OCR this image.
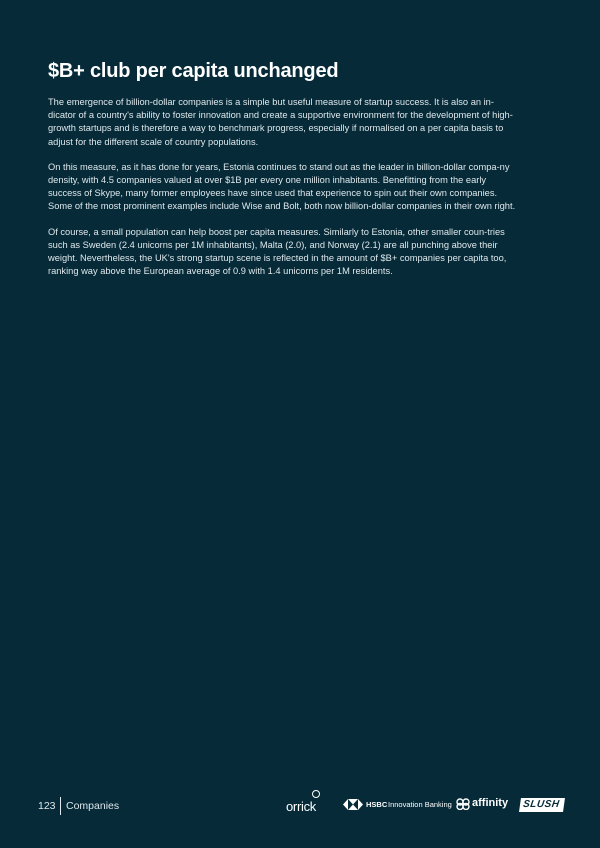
$B+ club per capita unchanged

The emergence of billion-dollar companies is a simple but useful measure of startup success. It is also an in-dicator of a country's ability to foster innovation and create a supportive environment for the development of high-growth startups and is therefore a way to benchmark progress, especially if normalised on a per capita basis to adjust for the different scale of country populations.

On this measure, as it has done for years, Estonia continues to stand out as the leader in billion-dollar compa-ny density, with 4.5 companies valued at over $1B per every one million inhabitants. Benefitting from the early success of Skype, many former employees have since used that experience to spin out their own companies. Some of the most prominent examples include Wise and Bolt, both now billion-dollar companies in their own right.

Of course, a small population can help boost per capita measures. Similarly to Estonia, other smaller coun-tries such as Sweden (2.4 unicorns per 1M inhabitants), Malta (2.0), and Norway (2.1) are all punching above their weight. Nevertheless, the UK's strong startup scene is reflected in the amount of $B+ companies per capita too, ranking way above the European average of 0.9 with 1.4 unicorns per 1M residents.

123 Companies	orrick	HSBC Innovation Banking affinity	SLUSH
